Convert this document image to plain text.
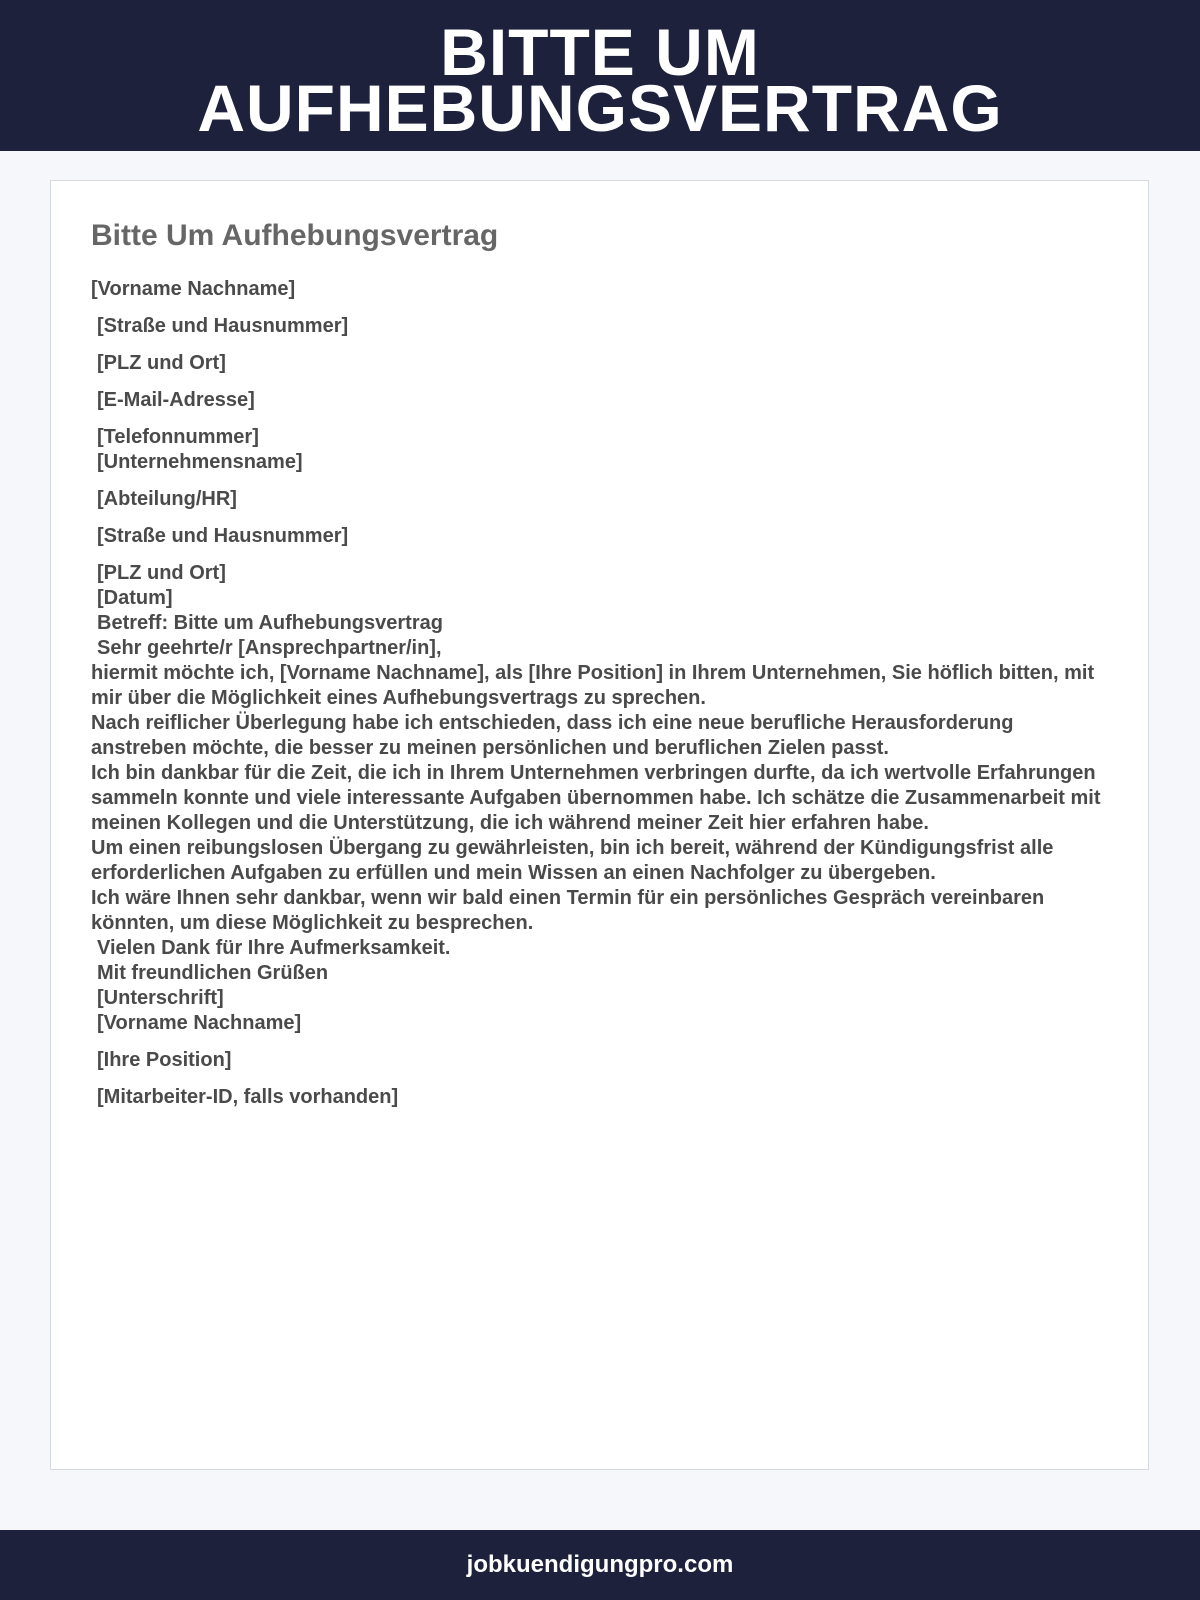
BITTE UM
AUFHEBUNGSVERTRAG
Bitte Um Aufhebungsvertrag
[Vorname Nachname]
[Straße und Hausnummer]
[PLZ und Ort]
[E-Mail-Adresse]
[Telefonnummer]
[Unternehmensname]
[Abteilung/HR]
[Straße und Hausnummer]
[PLZ und Ort]
[Datum]
Betreff: Bitte um Aufhebungsvertrag
Sehr geehrte/r [Ansprechpartner/in],
hiermit möchte ich, [Vorname Nachname], als [Ihre Position] in Ihrem Unternehmen, Sie höflich bitten, mit mir über die Möglichkeit eines Aufhebungsvertrags zu sprechen.
Nach reiflicher Überlegung habe ich entschieden, dass ich eine neue berufliche Herausforderung anstreben möchte, die besser zu meinen persönlichen und beruflichen Zielen passt.
Ich bin dankbar für die Zeit, die ich in Ihrem Unternehmen verbringen durfte, da ich wertvolle Erfahrungen sammeln konnte und viele interessante Aufgaben übernommen habe. Ich schätze die Zusammenarbeit mit meinen Kollegen und die Unterstützung, die ich während meiner Zeit hier erfahren habe.
Um einen reibungslosen Übergang zu gewährleisten, bin ich bereit, während der Kündigungsfrist alle erforderlichen Aufgaben zu erfüllen und mein Wissen an einen Nachfolger zu übergeben.
Ich wäre Ihnen sehr dankbar, wenn wir bald einen Termin für ein persönliches Gespräch vereinbaren könnten, um diese Möglichkeit zu besprechen.
Vielen Dank für Ihre Aufmerksamkeit.
Mit freundlichen Grüßen
[Unterschrift]
[Vorname Nachname]
[Ihre Position]
[Mitarbeiter-ID, falls vorhanden]
jobkuendigungpro.com
